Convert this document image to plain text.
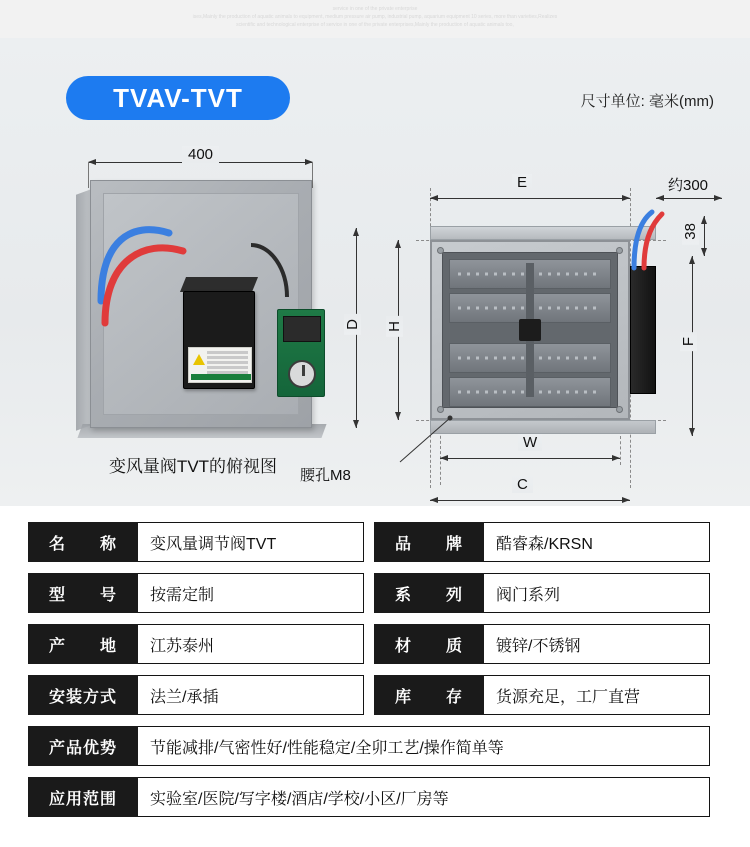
service in one of the private enterprise
ises,Mainly the production of aquatic animals to equipment, medium pressure air pump, industrial pump, aquarium equipment 10 series, more than varieties,Realizes
scientific and technological enterprise of service in one of the private enterprises,Mainly the production of aquatic animals too,
TVAV-TVT	尺寸单位: 毫米(mm)
400
变风量阀TVT的俯视图
E	约300
38
D H
F
W
C
腰孔M8
名　　称	变风量调节阀TVT	品　　牌	酷睿森/KRSN
型　　号	按需定制	系　　列	阀门系列
产　　地	江苏泰州	材　　质	镀锌/不锈钢
安装方式	法兰/承插	库　　存	货源充足，工厂直营
产品优势	节能减排/气密性好/性能稳定/全卯工艺/操作简单等
应用范围	实验室/医院/写字楼/酒店/学校/小区/厂房等
